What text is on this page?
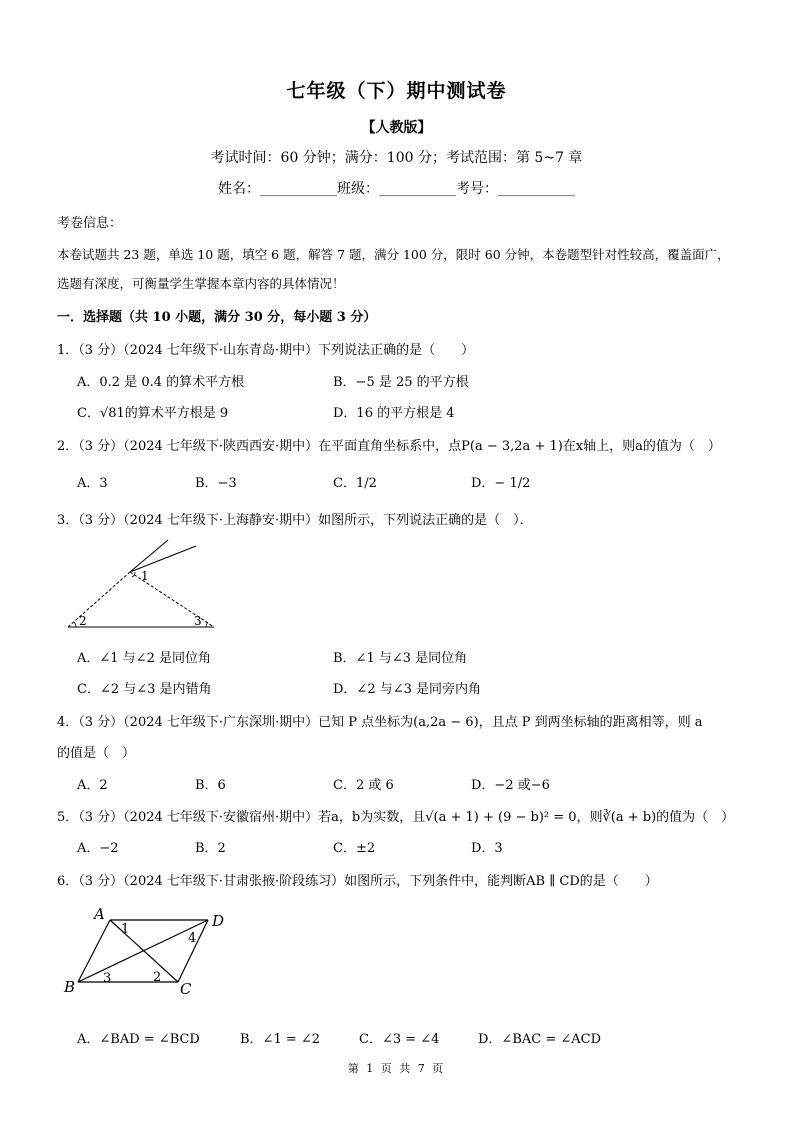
七年级（下）期中测试卷
【人教版】
考试时间：60 分钟；满分：100 分；考试范围：第 5~7 章
姓名：___________班级：___________考号：___________
考卷信息：
本卷试题共 23 题，单选 10 题，填空 6 题，解答 7 题，满分 100 分，限时 60 分钟，本卷题型针对性较高，覆盖面广，
选题有深度，可衡量学生掌握本章内容的具体情况！
一．选择题（共 10 小题，满分 30 分，每小题 3 分）
1．（3 分）（2024 七年级下·山东青岛·期中）下列说法正确的是（　　）
A．0.2 是 0.4 的算术平方根	B．−5 是 25 的平方根
C．√81的算术平方根是 9	D．16 的平方根是 4
2．（3 分）（2024 七年级下·陕西西安·期中）在平面直角坐标系中，点P(a − 3,2a + 1)在x轴上，则a的值为（　）
A．3	B．−3	C．1/2	D．− 1/2
3．（3 分）（2024 七年级下·上海静安·期中）如图所示，下列说法正确的是（　）．
1
2	3
A．∠1 与∠2 是同位角	B．∠1 与∠3 是同位角
C．∠2 与∠3 是内错角	D．∠2 与∠3 是同旁内角
4．（3 分）（2024 七年级下·广东深圳·期中）已知 P 点坐标为(a,2a − 6)，且点 P 到两坐标轴的距离相等，则 a
的值是（　）
A．2	B．6	C．2 或 6	D．−2 或−6
5．（3 分）（2024 七年级下·安徽宿州·期中）若a，b为实数，且√(a + 1) + (9 − b)² = 0，则∛(a + b)的值为（　）
A．−2	B．2	C．±2	D．3
6．（3 分）（2024 七年级下·甘肃张掖·阶段练习）如图所示，下列条件中，能判断AB ∥ CD的是（　　）
A	D
B	C
1
2
3
4
A．∠BAD = ∠BCD	B．∠1 = ∠2	C．∠3 = ∠4	D．∠BAC = ∠ACD
第 1 页 共 7 页
